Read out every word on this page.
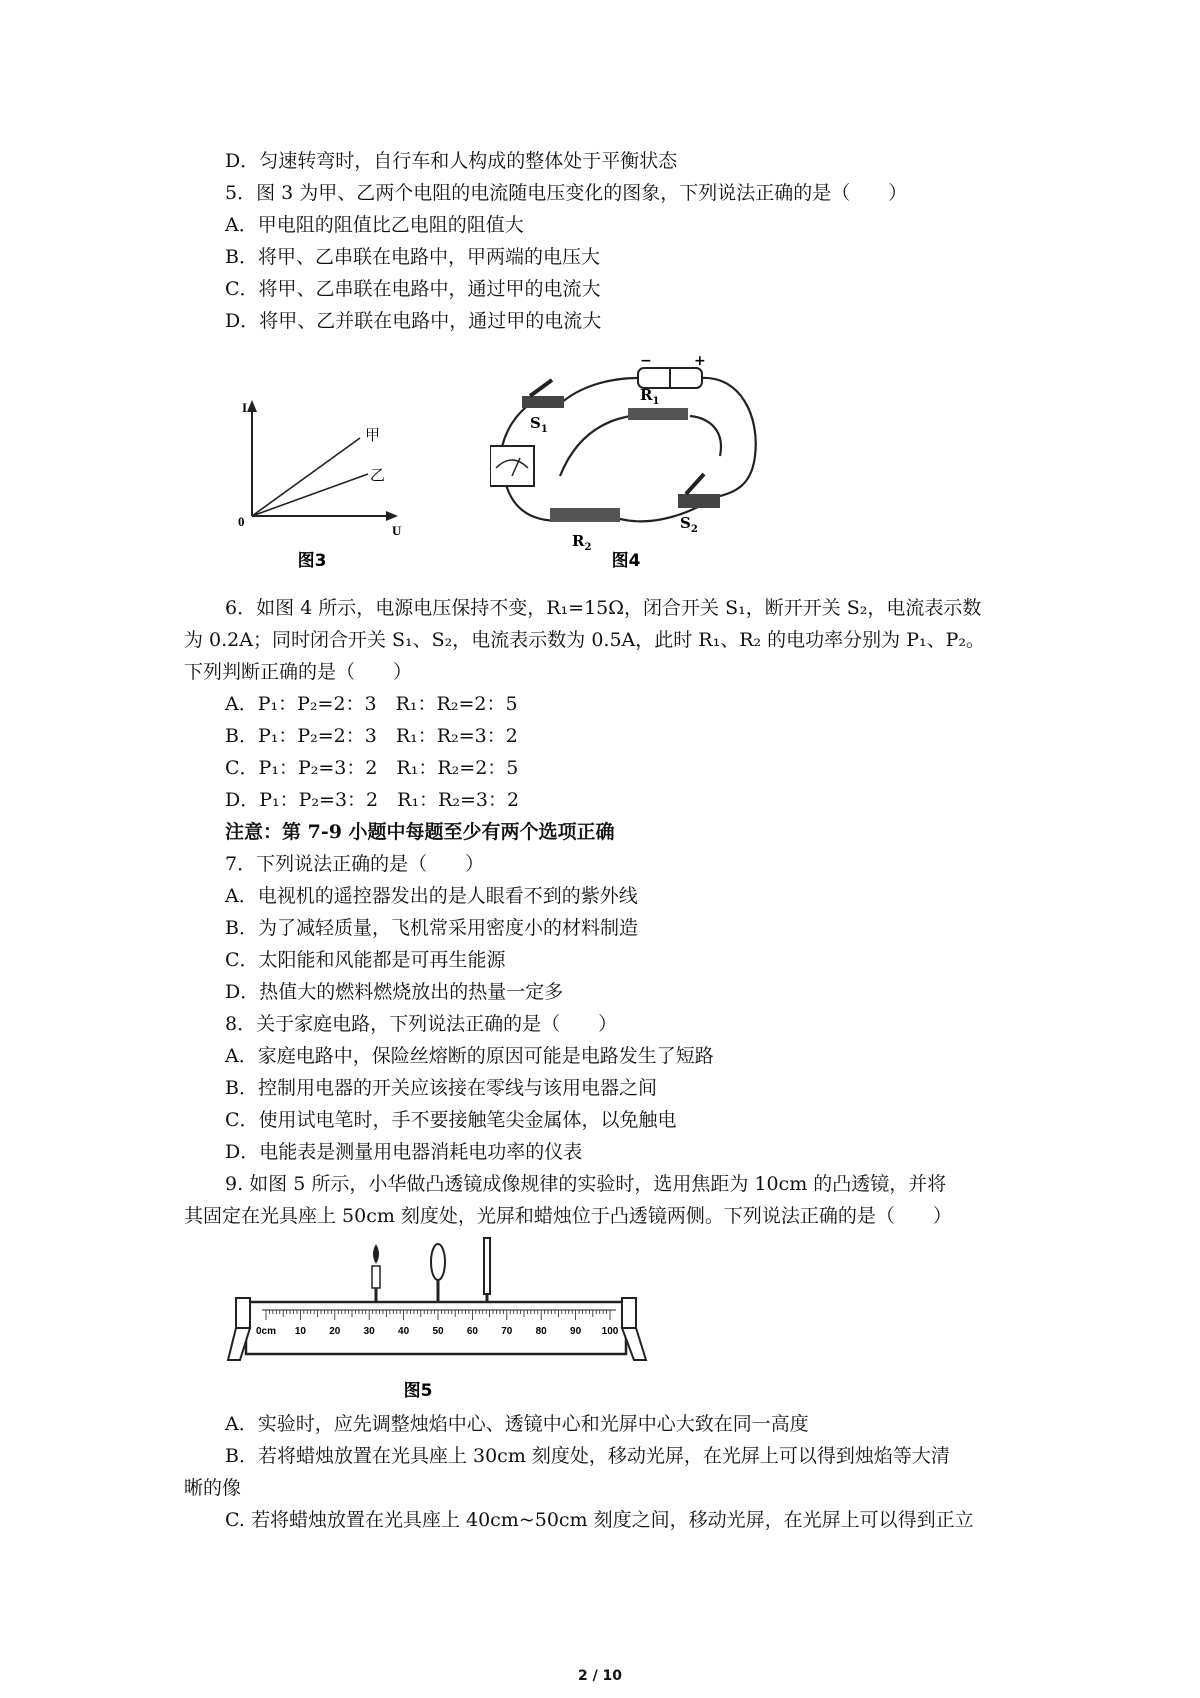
D．匀速转弯时，自行车和人构成的整体处于平衡状态
5．图 3 为甲、乙两个电阻的电流随电压变化的图象，下列说法正确的是（　　）
A．甲电阻的阻值比乙电阻的阻值大
B．将甲、乙串联在电路中，甲两端的电压大
C．将甲、乙串联在电路中，通过甲的电流大
D．将甲、乙并联在电路中，通过甲的电流大
I
U
0
甲
乙
图3
−	+
$S_1$
$R_1$
$R_2$
$S_2$
图4
6．如图 4 所示，电源电压保持不变，R₁=15Ω，闭合开关 S₁，断开开关 S₂，电流表示数
为 0.2A；同时闭合开关 S₁、S₂，电流表示数为 0.5A，此时 R₁、R₂ 的电功率分别为 P₁、P₂。
下列判断正确的是（　　）
A．P₁：P₂=2：3　R₁：R₂=2：5
B．P₁：P₂=2：3　R₁：R₂=3：2
C．P₁：P₂=3：2　R₁：R₂=2：5
D．P₁：P₂=3：2　R₁：R₂=3：2
注意：第 7-9 小题中每题至少有两个选项正确
7．下列说法正确的是（　　）
A．电视机的遥控器发出的是人眼看不到的紫外线
B．为了减轻质量，飞机常采用密度小的材料制造
C．太阳能和风能都是可再生能源
D．热值大的燃料燃烧放出的热量一定多
8．关于家庭电路，下列说法正确的是（　　）
A．家庭电路中，保险丝熔断的原因可能是电路发生了短路
B．控制用电器的开关应该接在零线与该用电器之间
C．使用试电笔时，手不要接触笔尖金属体，以免触电
D．电能表是测量用电器消耗电功率的仪表
9. 如图 5 所示，小华做凸透镜成像规律的实验时，选用焦距为 10cm 的凸透镜，并将
其固定在光具座上 50cm 刻度处，光屏和蜡烛位于凸透镜两侧。下列说法正确的是（　　）
0cm 10 20 30 40 50 60 70 80 90 100
图5
A．实验时，应先调整烛焰中心、透镜中心和光屏中心大致在同一高度
B．若将蜡烛放置在光具座上 30cm 刻度处，移动光屏，在光屏上可以得到烛焰等大清
晰的像
C. 若将蜡烛放置在光具座上 40cm~50cm 刻度之间，移动光屏，在光屏上可以得到正立
2 / 10
